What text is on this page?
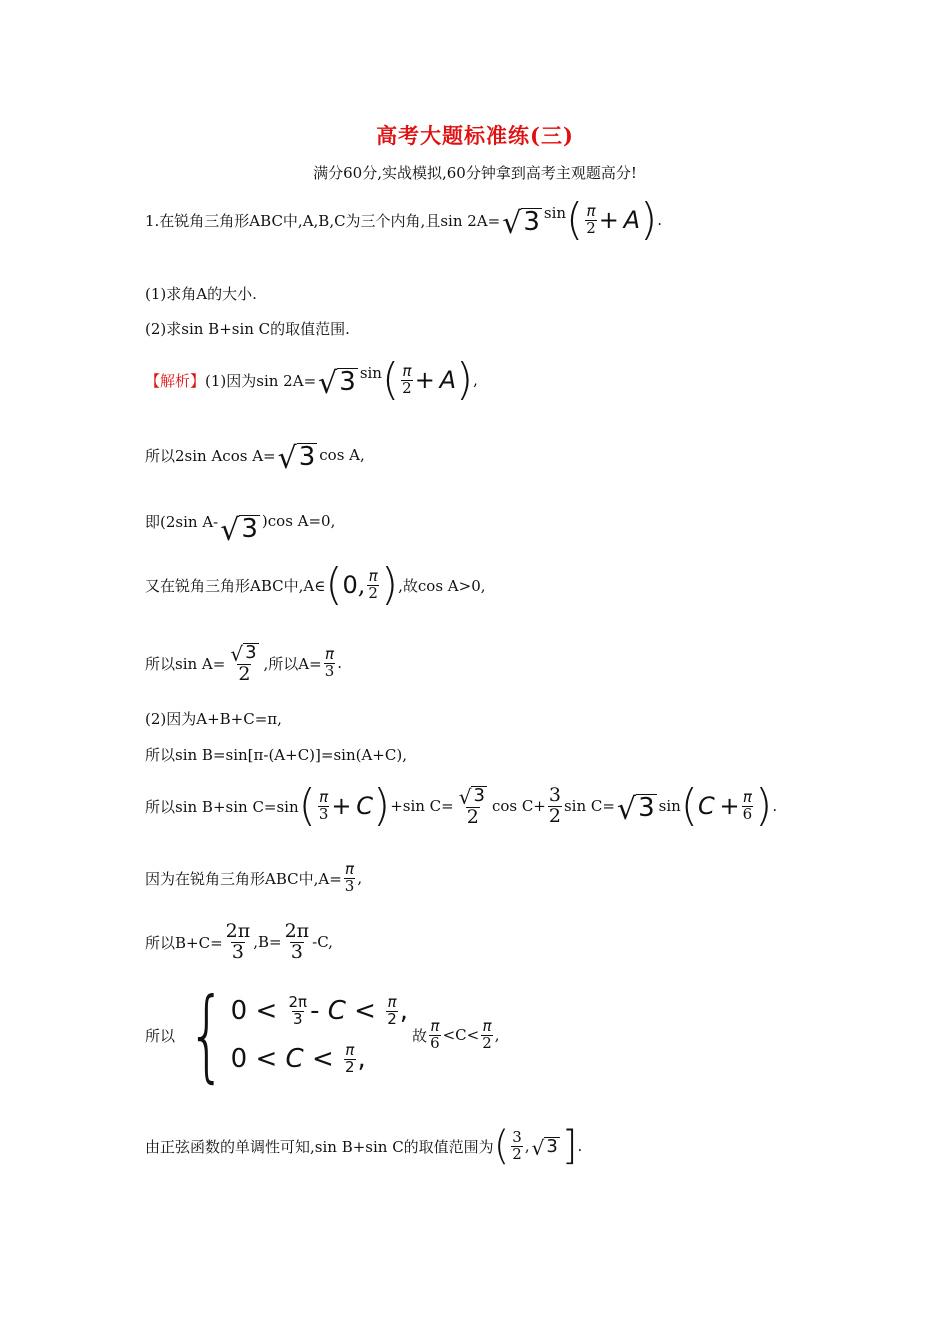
高考大题标准练(三)
满分60分,实战模拟,60分钟拿到高考主观题高分!
1.在锐角三角形ABC中,A,B,C为三个内角,且sin 2A= √ 3 sin ( $\frac{\pi}{2}$ +
A ) .
(1)求角A的大小.
(2)求sin B+sin C的取值范围.
【解析】 (1)因为sin 2A= √ 3 sin ( $\frac{\pi}{2}$ +
A ) ,
所以2sin Acos A= √ 3 cos A,
即(2sin A- √ 3 )cos A=0,
又在锐角三角形ABC中,A∈ ( 0 , $\frac{\pi}{2}$ ) ,故cos A>0,
所以$\sin A= \frac{√ 3}{2}$ ,所以$A= \frac{\pi}{3}$ .
(2)因为A+B+C=π,
所以sin B=sin[π-(A+C)]=sin(A+C),
所以sin B+sin C=sin ( $\frac{\pi}{3}$ +
C ) +sin $C= \frac{√ 3}{2}$ $\cos C+ \frac{3}{2}$ sin C= √ 3 sin ( C
+ $\frac{\pi}{6}$ ) .
因为在锐角三角形ABC中$,A= \frac{\pi}{3}$ ,
所以$B+C= \frac{2\pi}{3} ,B= \frac{2\pi}{3} -C$,
所以 { 0
<
$\frac{2\pi}{3}$ -
C
<
$\frac{\pi}{2}$ ,
0
<
C
<
$\frac{\pi}{2}$ ,
故 $\frac{\pi}{6} <C< \frac{\pi}{2}$ ,
由正弦函数的单调性可知,sin B+sin C的取值范围为 ( $\frac{3}{2}$ , √ 3 ] .
